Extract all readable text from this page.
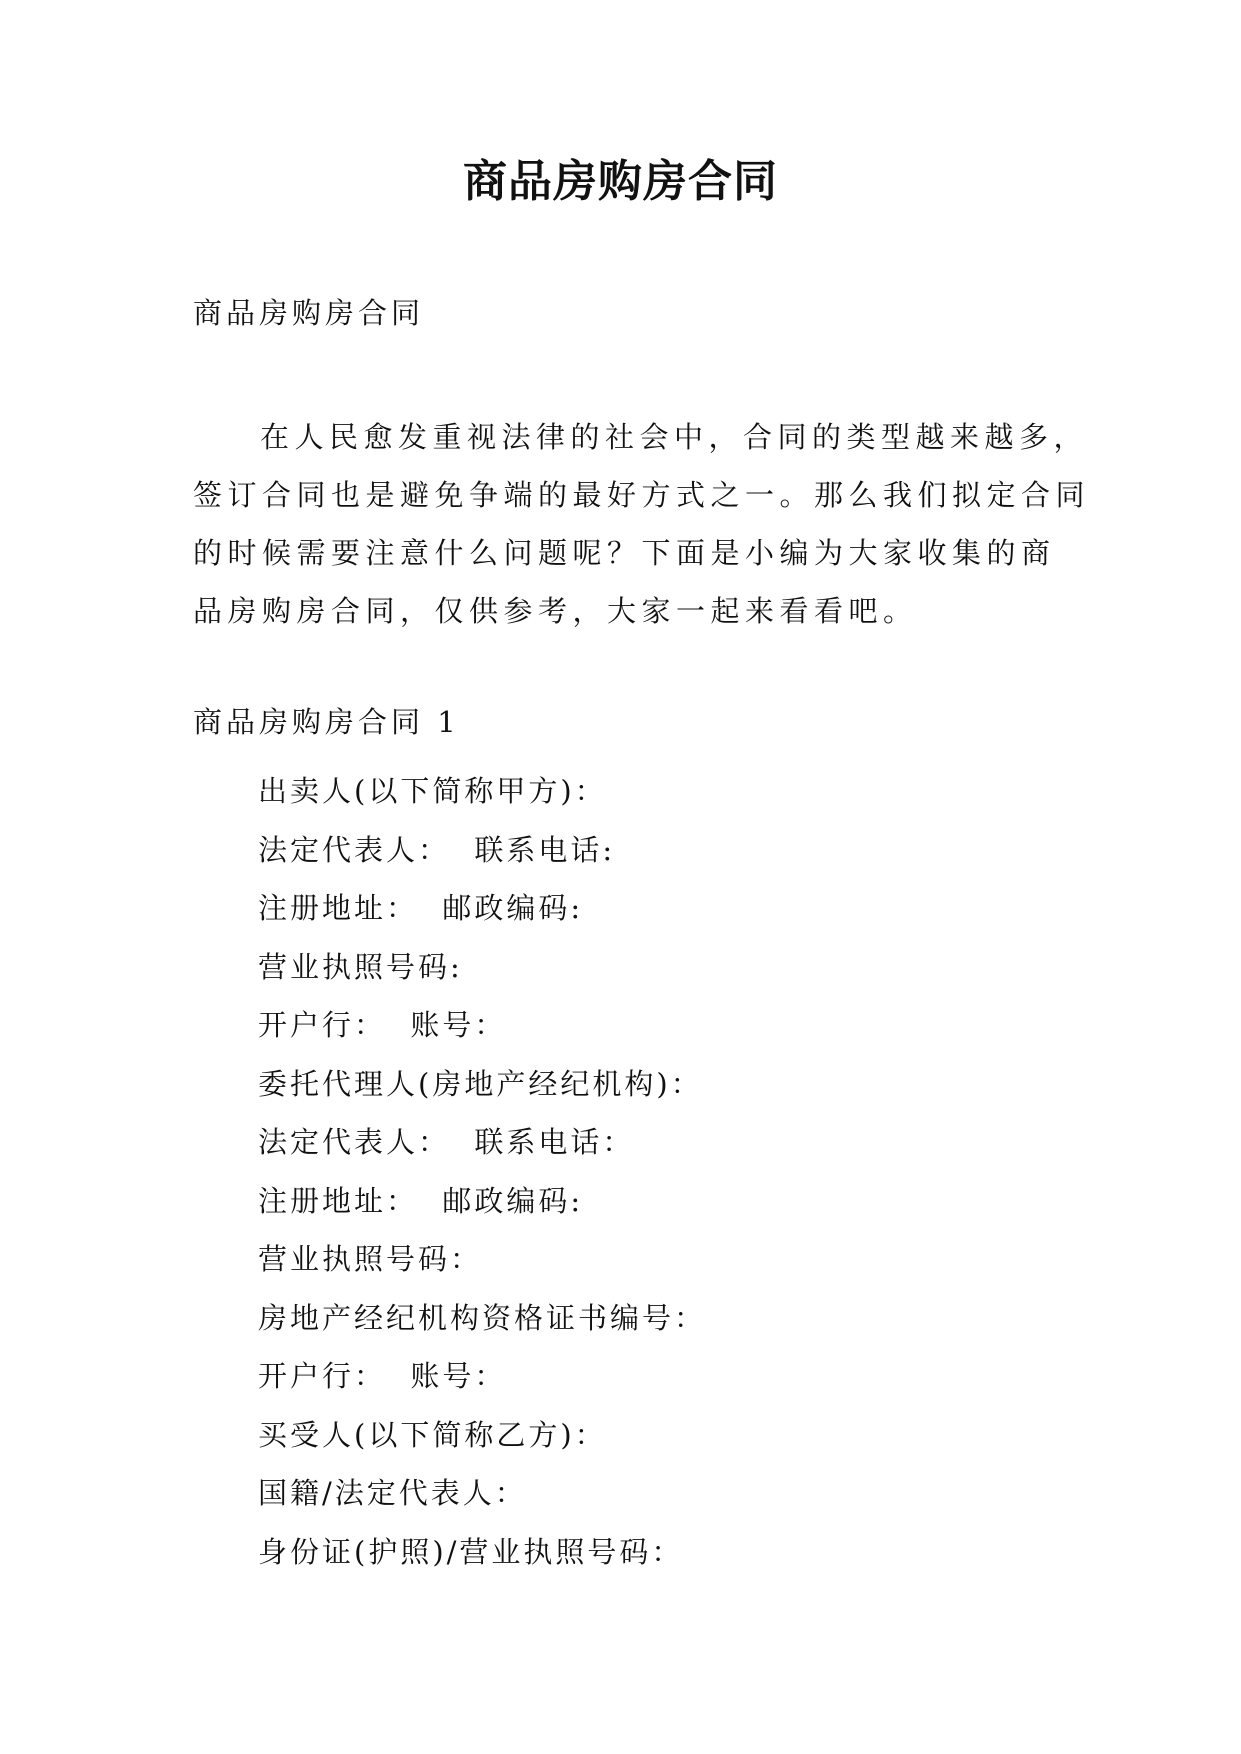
商品房购房合同
商品房购房合同
在人民愈发重视法律的社会中，合同的类型越来越多，
签订合同也是避免争端的最好方式之一。那么我们拟定合同
的时候需要注意什么问题呢？下面是小编为大家收集的商
品房购房合同，仅供参考，大家一起来看看吧。
商品房购房合同 1
出卖人(以下简称甲方)：
法定代表人：  联系电话:
注册地址：  邮政编码:
营业执照号码:
开户行：  账号：
委托代理人(房地产经纪机构)：
法定代表人：  联系电话：
注册地址：  邮政编码:
营业执照号码：
房地产经纪机构资格证书编号：
开户行：  账号：
买受人(以下简称乙方)：
国籍/法定代表人：
身份证(护照)/营业执照号码：
